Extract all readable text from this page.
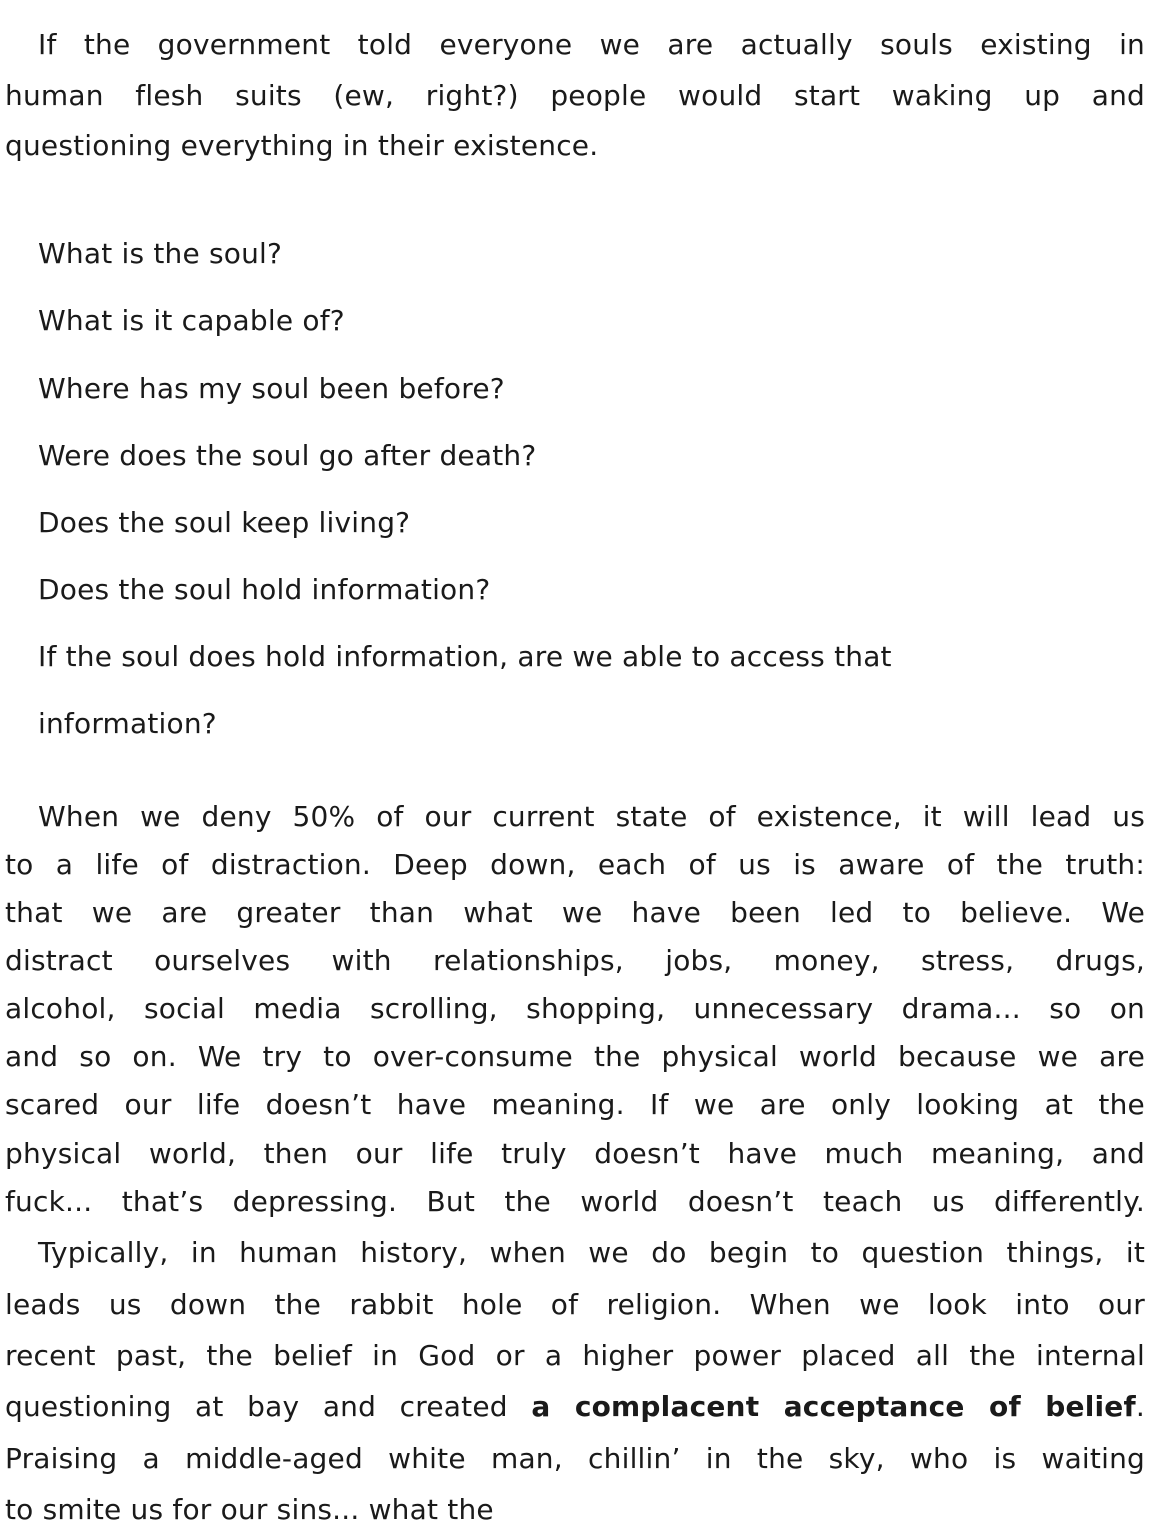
If the government told everyone we are actually souls existing in
human flesh suits (ew, right?) people would start waking up and
questioning everything in their existence.
What is the soul?
What is it capable of?
Where has my soul been before?
Were does the soul go after death?
Does the soul keep living?
Does the soul hold information?
If the soul does hold information, are we able to access that
information?
When we deny 50% of our current state of existence, it will lead us
to a life of distraction. Deep down, each of us is aware of the truth:
that we are greater than what we have been led to believe. We
distract ourselves with relationships, jobs, money, stress, drugs,
alcohol, social media scrolling, shopping, unnecessary drama... so on
and so on. We try to over-consume the physical world because we are
scared our life doesn’t have meaning. If we are only looking at the
physical world, then our life truly doesn’t have much meaning, and
fuck... that’s depressing. But the world doesn’t teach us differently.
Typically, in human history, when we do begin to question things, it
leads us down the rabbit hole of religion. When we look into our
recent past, the belief in God or a higher power placed all the internal
questioning at bay and created a complacent acceptance of belief.
Praising a middle-aged white man, chillin’ in the sky, who is waiting
to smite us for our sins... what the
